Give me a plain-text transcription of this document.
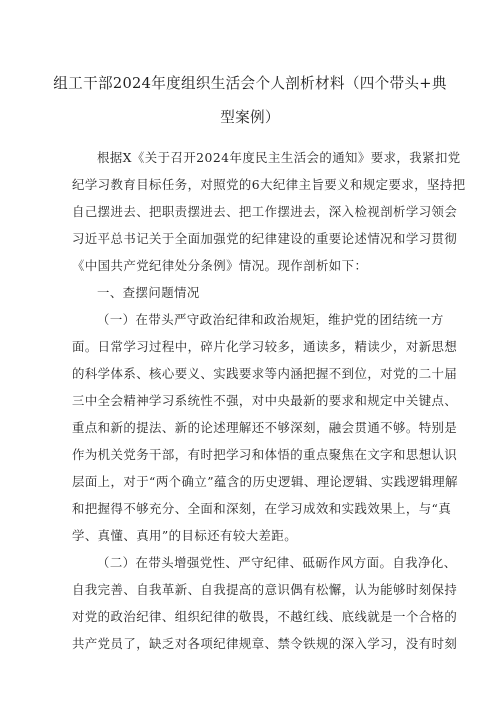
组工干部2024年度组织生活会个人剖析材料（四个带头+典
型案例）
根据X《关于召开2024年度民主生活会的通知》要求，我紧扣党
纪学习教育目标任务，对照党的6大纪律主旨要义和规定要求，坚持把
自己摆进去、把职责摆进去、把工作摆进去，深入检视剖析学习领会
习近平总书记关于全面加强党的纪律建设的重要论述情况和学习贯彻
《中国共产党纪律处分条例》情况。现作剖析如下：
一、查摆问题情况
（一）在带头严守政治纪律和政治规矩，维护党的团结统一方
面。日常学习过程中，碎片化学习较多，通读多，精读少，对新思想
的科学体系、核心要义、实践要求等内涵把握不到位，对党的二十届
三中全会精神学习系统性不强，对中央最新的要求和规定中关键点、
重点和新的提法、新的论述理解还不够深刻，融会贯通不够。特别是
作为机关党务干部，有时把学习和体悟的重点聚焦在文字和思想认识
层面上，对于“两个确立”蕴含的历史逻辑、理论逻辑、实践逻辑理解
和把握得不够充分、全面和深刻，在学习成效和实践效果上，与“真
学、真懂、真用”的目标还有较大差距。
（二）在带头增强党性、严守纪律、砥砺作风方面。自我净化、
自我完善、自我革新、自我提高的意识偶有松懈，认为能够时刻保持
对党的政治纪律、组织纪律的敬畏，不越红线、底线就是一个合格的
共产党员了，缺乏对各项纪律规章、禁令铁规的深入学习，没有时刻
